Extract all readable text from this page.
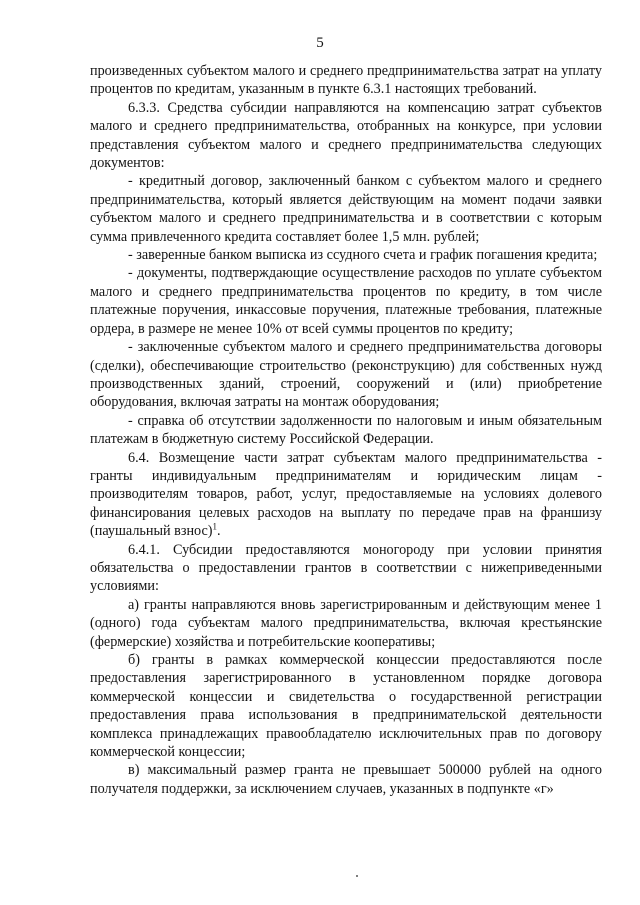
5

произведенных субъектом малого и среднего предпринимательства затрат на уплату процентов по кредитам, указанным в пункте 6.3.1 настоящих требований.

6.3.3. Средства субсидии направляются на компенсацию затрат субъектов малого и среднего предпринимательства, отобранных на конкурсе, при условии представления субъектом малого и среднего предпринимательства следующих документов:

- кредитный договор, заключенный банком с субъектом малого и среднего предпринимательства, который является действующим на момент подачи заявки субъектом малого и среднего предпринимательства и в соответствии с которым сумма привлеченного кредита составляет более 1,5 млн. рублей;

- заверенные банком выписка из ссудного счета и график погашения кредита;

- документы, подтверждающие осуществление расходов по уплате субъектом малого и среднего предпринимательства процентов по кредиту, в том числе платежные поручения, инкассовые поручения, платежные требования, платежные ордера, в размере не менее 10% от всей суммы процентов по кредиту;

- заключенные субъектом малого и среднего предпринимательства договоры (сделки), обеспечивающие строительство (реконструкцию) для собственных нужд производственных зданий, строений, сооружений и (или) приобретение оборудования, включая затраты на монтаж оборудования;

- справка об отсутствии задолженности по налоговым и иным обязательным платежам в бюджетную систему Российской Федерации.

6.4. Возмещение части затрат субъектам малого предпринимательства - гранты индивидуальным предпринимателям и юридическим лицам - производителям товаров, работ, услуг, предоставляемые на условиях долевого финансирования целевых расходов на выплату по передаче прав на франшизу (паушальный взнос)$^1$.

6.4.1. Субсидии предоставляются моногороду при условии принятия обязательства о предоставлении грантов в соответствии с нижеприведенными условиями:

а) гранты направляются вновь зарегистрированным и действующим менее 1 (одного) года субъектам малого предпринимательства, включая крестьянские (фермерские) хозяйства и потребительские кооперативы;

б) гранты в рамках коммерческой концессии предоставляются после предоставления зарегистрированного в установленном порядке договора коммерческой концессии и свидетельства о государственной регистрации предоставления права использования в предпринимательской деятельности комплекса принадлежащих правообладателю исключительных прав по договору коммерческой концессии;

в) максимальный размер гранта не превышает 500000 рублей на одного получателя поддержки, за исключением случаев, указанных в подпункте «г»
